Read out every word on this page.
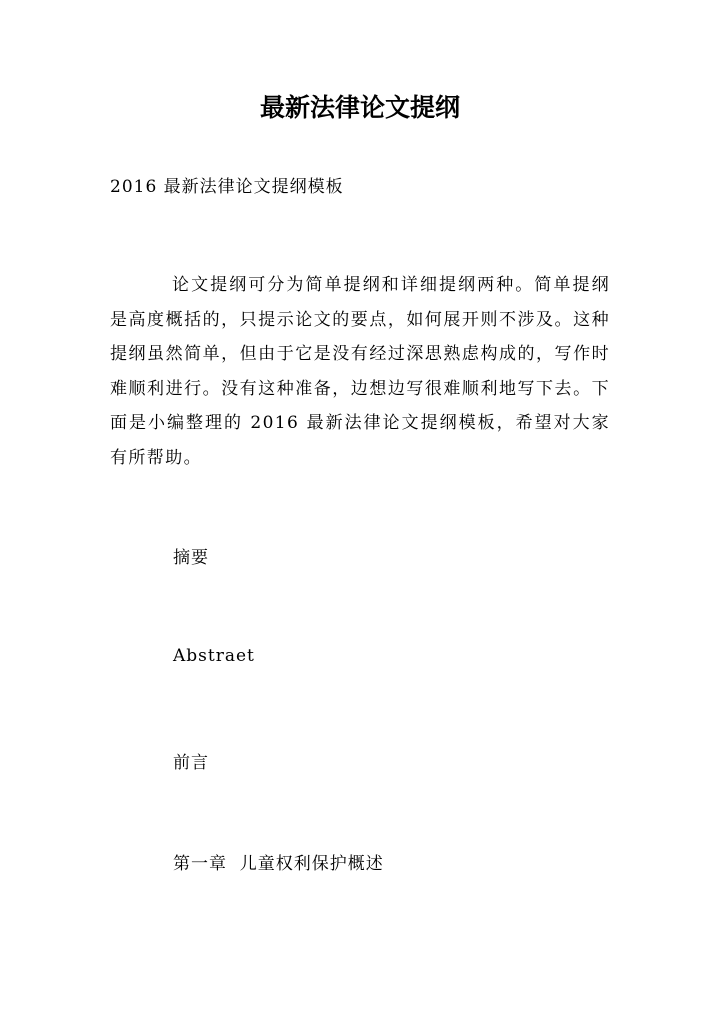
最新法律论文提纲

2016 最新法律论文提纲模板

论文提纲可分为简单提纲和详细提纲两种。简单提纲是高度概括的，只提示论文的要点，如何展开则不涉及。这种提纲虽然简单，但由于它是没有经过深思熟虑构成的，写作时难顺利进行。没有这种准备，边想边写很难顺利地写下去。下面是小编整理的 2016 最新法律论文提纲模板，希望对大家有所帮助。

摘要

Abstraet

前言

第一章  儿童权利保护概述
